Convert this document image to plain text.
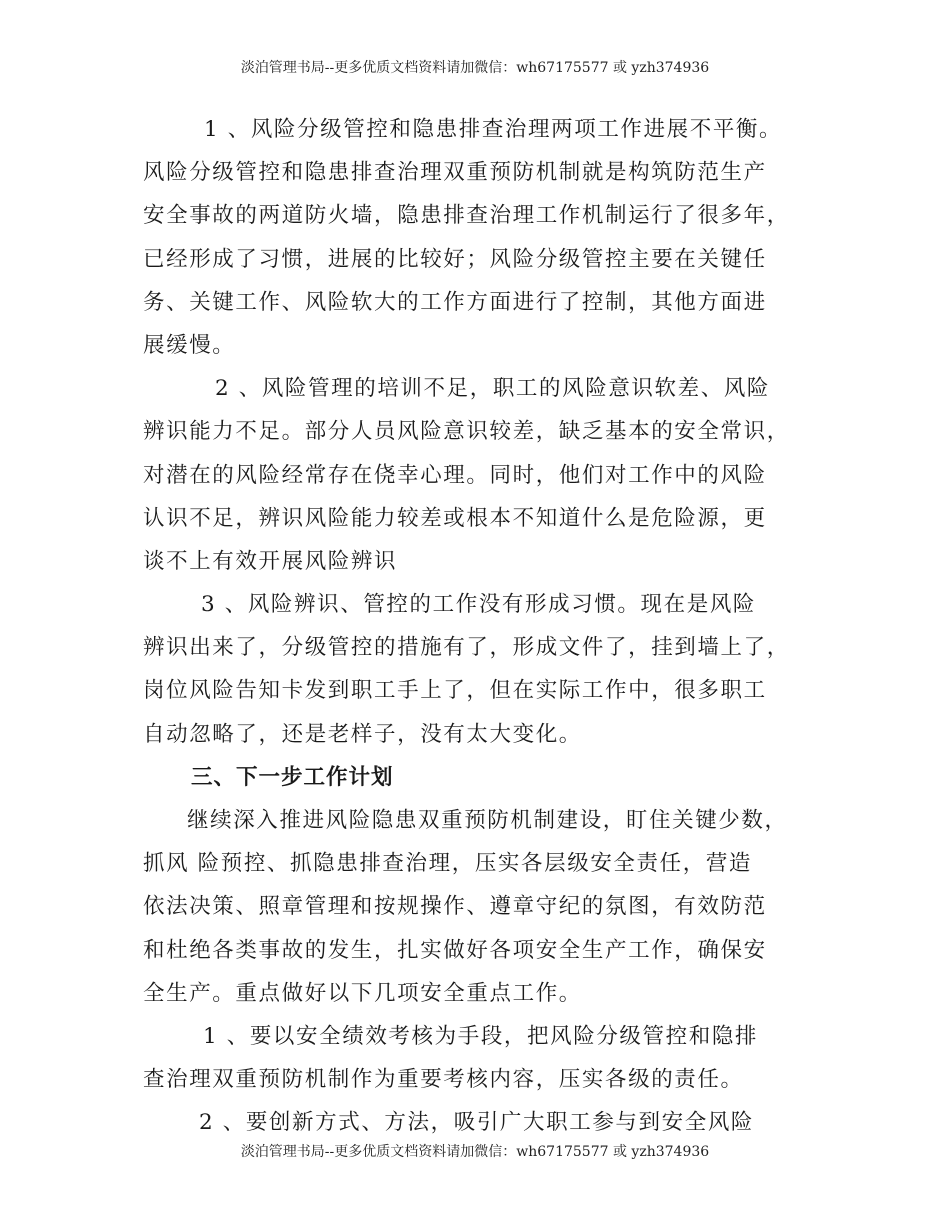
淡泊管理书局--更多优质文档资料请加微信：wh67175577 或 yzh374936
1 、风险分级管控和隐患排查治理两项工作进展不平衡。
风险分级管控和隐患排查治理双重预防机制就是构筑防范生产
安全事故的两道防火墙，隐患排查治理工作机制运行了很多年，
已经形成了习惯，进展的比较好；风险分级管控主要在关键任
务、关键工作、风险软大的工作方面进行了控制，其他方面进
展缓慢。
2 、风险管理的培训不足，职工的风险意识软差、风险
辨识能力不足。部分人员风险意识较差，缺乏基本的安全常识，
对潜在的风险经常存在侥幸心理。同时，他们对工作中的风险
认识不足，辨识风险能力较差或根本不知道什么是危险源，更
谈不上有效开展风险辨识
3 、风险辨识、管控的工作没有形成习惯。现在是风险
辨识出来了，分级管控的措施有了，形成文件了，挂到墙上了，
岗位风险告知卡发到职工手上了，但在实际工作中，很多职工
自动忽略了，还是老样子，没有太大变化。
三、下一步工作计划
继续深入推进风险隐患双重预防机制建设，盯住关键少数，
抓风 险预控、抓隐患排查治理，压实各层级安全责任，营造
依法决策、照章管理和按规操作、遵章守纪的氛图，有效防范
和杜绝各类事故的发生，扎实做好各项安全生产工作，确保安
全生产。重点做好以下几项安全重点工作。
1 、要以安全绩效考核为手段，把风险分级管控和隐排
查治理双重预防机制作为重要考核内容，压实各级的责任。
2 、要创新方式、方法，吸引广大职工参与到安全风险
淡泊管理书局--更多优质文档资料请加微信：wh67175577 或 yzh374936
